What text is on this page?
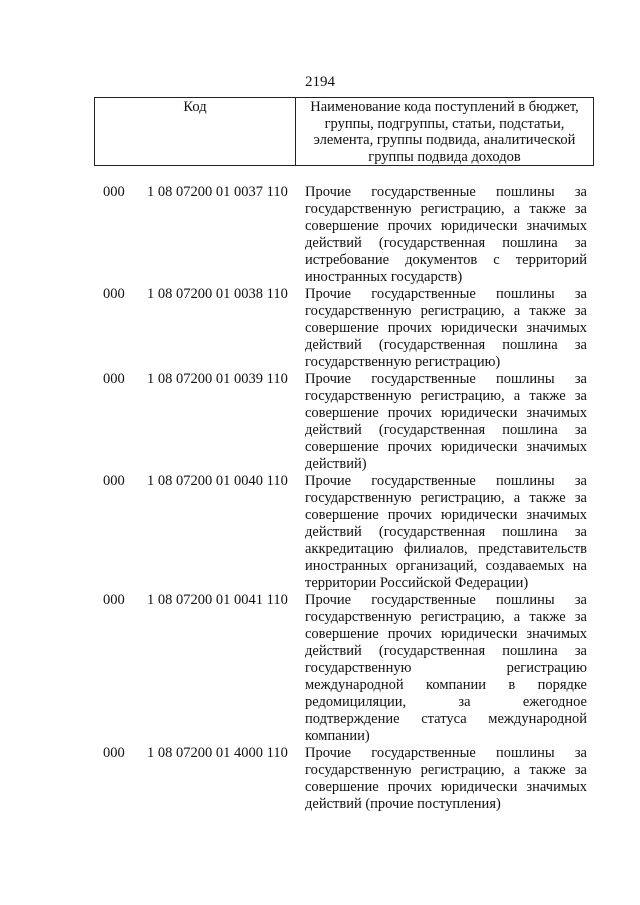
2194
Код	Наименование кода поступлений в бюджет, группы, подгруппы, статьи, подстатьи, элемента, группы подвида, аналитической группы подвида доходов
000 1 08 07200 01 0037 110 Прочие государственные пошлины за государственную регистрацию, а также за совершение прочих юридически значимых действий (государственная пошлина за истребование документов с территорий иностранных государств)
000 1 08 07200 01 0038 110 Прочие государственные пошлины за государственную регистрацию, а также за совершение прочих юридически значимых действий (государственная пошлина за государственную регистрацию)
000 1 08 07200 01 0039 110 Прочие государственные пошлины за государственную регистрацию, а также за совершение прочих юридически значимых действий (государственная пошлина за совершение прочих юридически значимых действий)
000 1 08 07200 01 0040 110 Прочие государственные пошлины за государственную регистрацию, а также за совершение прочих юридически значимых действий (государственная пошлина за аккредитацию филиалов, представительств иностранных организаций, создаваемых на территории Российской Федерации)
000 1 08 07200 01 0041 110 Прочие государственные пошлины за государственную регистрацию, а также за совершение прочих юридически значимых действий (государственная пошлина за государственную регистрацию международной компании в порядке редомициляции, за ежегодное подтверждение статуса международной компании)
000 1 08 07200 01 4000 110 Прочие государственные пошлины за государственную регистрацию, а также за совершение прочих юридически значимых действий (прочие поступления)
